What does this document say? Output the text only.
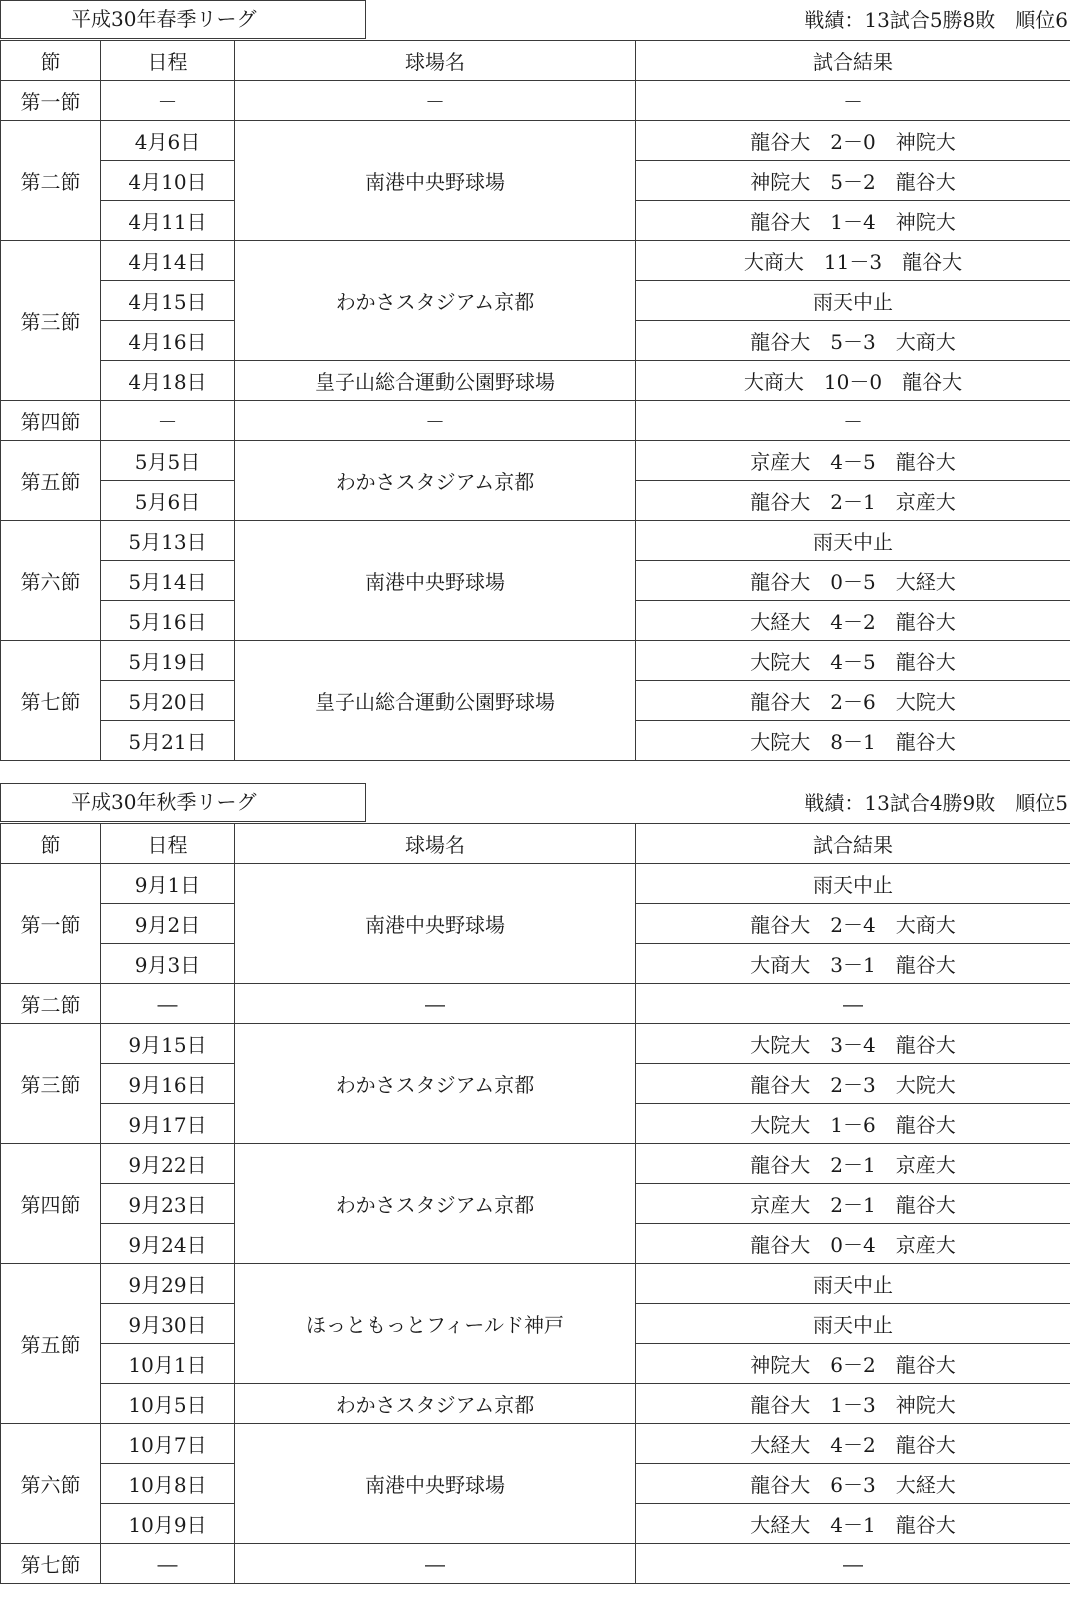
平成30年春季リーグ	戦績：13試合5勝8敗　順位6
節	日程	球場名	試合結果
第一節	－	－	－
第二節	4月6日	南港中央野球場	龍谷大　2－0　神院大
	4月10日		神院大　5－2　龍谷大
	4月11日		龍谷大　1－4　神院大
第三節	4月14日	わかさスタジアム京都	大商大　11－3　龍谷大
	4月15日		雨天中止
	4月16日		龍谷大　5－3　大商大
	4月18日	皇子山総合運動公園野球場	大商大　10－0　龍谷大
第四節	－	－	－
第五節	5月5日	わかさスタジアム京都	京産大　4－5　龍谷大
	5月6日		龍谷大　2－1　京産大
第六節	5月13日	南港中央野球場	雨天中止
	5月14日		龍谷大　0－5　大経大
	5月16日		大経大　4－2　龍谷大
第七節	5月19日	皇子山総合運動公園野球場	大院大　4－5　龍谷大
	5月20日		龍谷大　2－6　大院大
	5月21日		大院大　8－1　龍谷大
平成30年秋季リーグ	戦績：13試合4勝9敗　順位5
節	日程	球場名	試合結果
第一節	9月1日	南港中央野球場	雨天中止
	9月2日		龍谷大　2－4　大商大
	9月3日		大商大　3－1　龍谷大
第二節	―	―	―
第三節	9月15日	わかさスタジアム京都	大院大　3－4　龍谷大
	9月16日		龍谷大　2－3　大院大
	9月17日		大院大　1－6　龍谷大
第四節	9月22日	わかさスタジアム京都	龍谷大　2－1　京産大
	9月23日		京産大　2－1　龍谷大
	9月24日		龍谷大　0－4　京産大
第五節	9月29日	ほっともっとフィールド神戸	雨天中止
	9月30日		雨天中止
	10月1日		神院大　6－2　龍谷大
	10月5日	わかさスタジアム京都	龍谷大　1－3　神院大
第六節	10月7日	南港中央野球場	大経大　4－2　龍谷大
	10月8日		龍谷大　6－3　大経大
	10月9日		大経大　4－1　龍谷大
第七節	―	―	―
